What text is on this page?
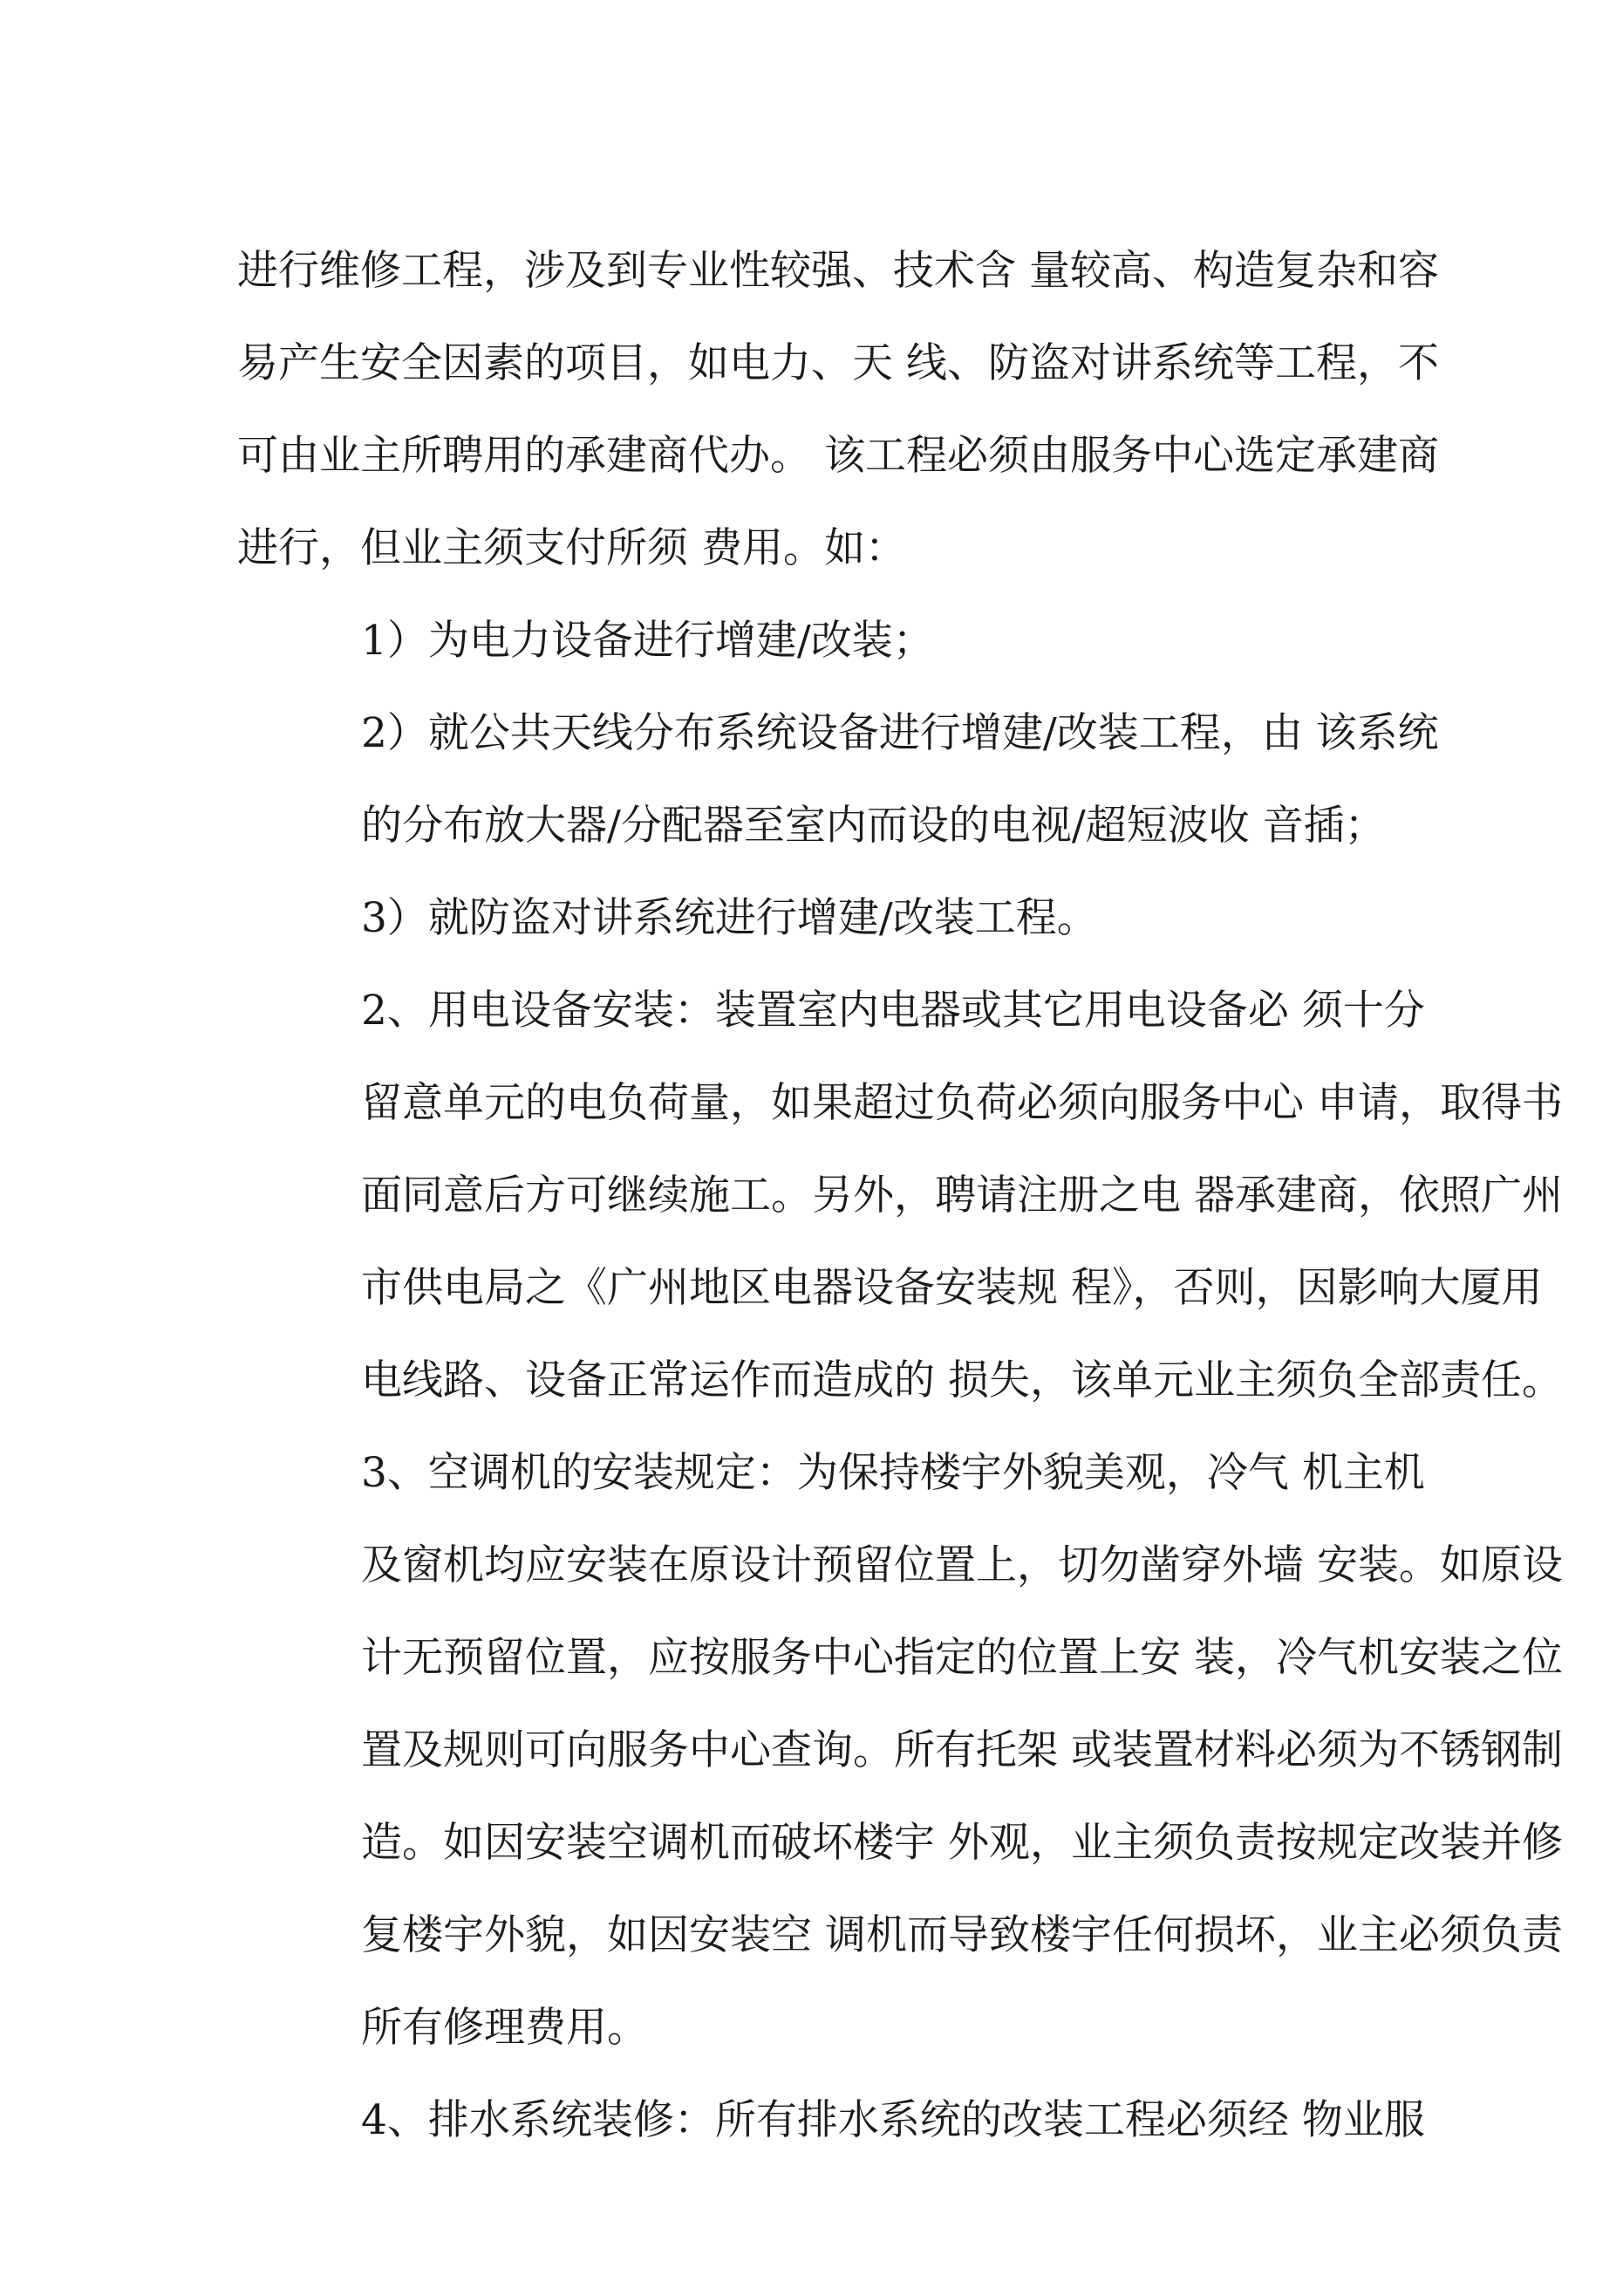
进行维修工程，涉及到专业性较强、技术含 量较高、构造复杂和容
易产生安全因素的项目，如电力、天 线、防盗对讲系统等工程，不
可由业主所聘用的承建商代办。 该工程必须由服务中心选定承建商
进行，但业主须支付所须 费用。如：

1）为电力设备进行增建/改装；

2）就公共天线分布系统设备进行增建/改装工程，由 该系统
的分布放大器/分配器至室内而设的电视/超短波收 音插；

3）就防盗对讲系统进行增建/改装工程。

2、用电设备安装：装置室内电器或其它用电设备必 须十分
留意单元的电负荷量，如果超过负荷必须向服务中心 申请，取得书
面同意后方可继续施工。另外，聘请注册之电 器承建商，依照广州
市供电局之《广州地区电器设备安装规 程》，否则，因影响大厦用
电线路、设备正常运作而造成的 损失，该单元业主须负全部责任。

3、空调机的安装规定：为保持楼宇外貌美观，冷气 机主机
及窗机均应安装在原设计预留位置上，切勿凿穿外墙 安装。如原设
计无预留位置，应按服务中心指定的位置上安 装，冷气机安装之位
置及规则可向服务中心查询。所有托架 或装置材料必须为不锈钢制
造。如因安装空调机而破坏楼宇 外观，业主须负责按规定改装并修
复楼宇外貌，如因安装空 调机而导致楼宇任何损坏，业主必须负责
所有修理费用。

4、排水系统装修：所有排水系统的改装工程必须经 物业服
